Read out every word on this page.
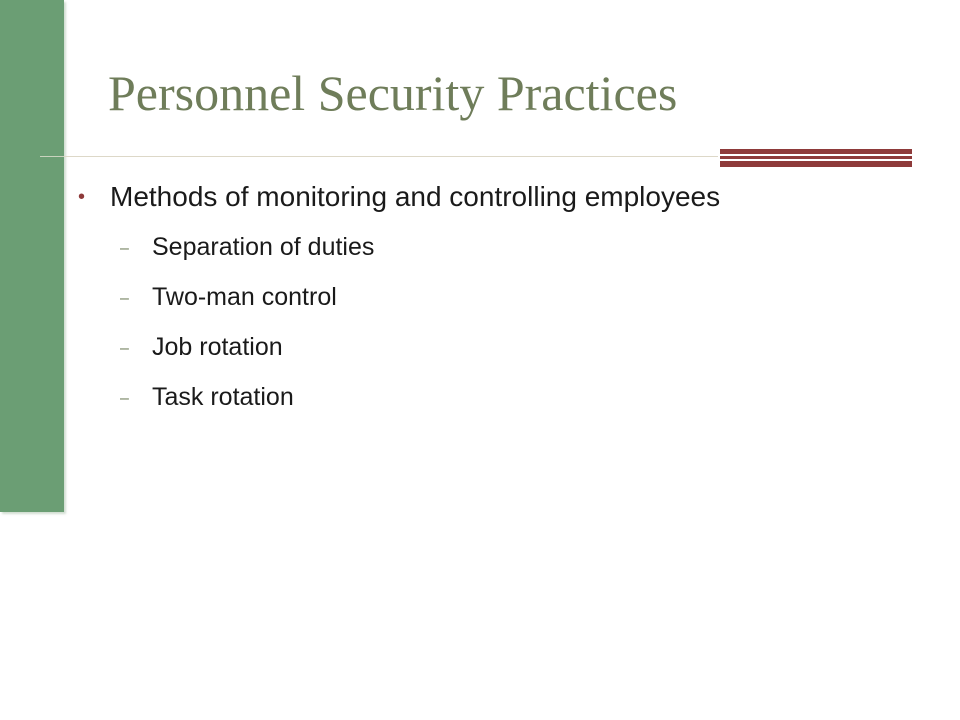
Personnel Security Practices
• Methods of monitoring and controlling employees
– Separation of duties
– Two-man control
– Job rotation
– Task rotation
